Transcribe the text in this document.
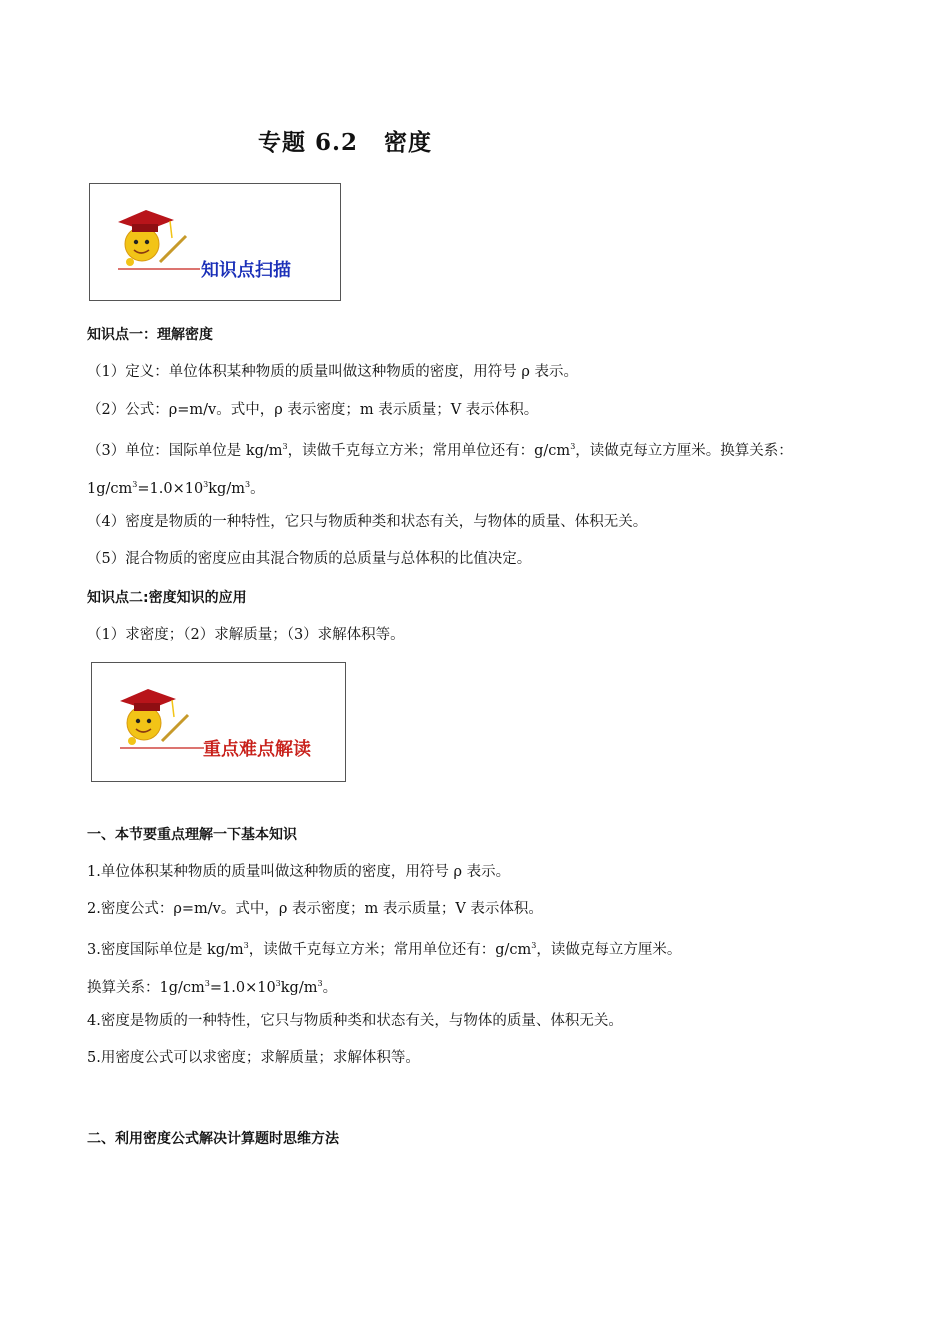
专题 6.2 密度
知识点扫描
知识点一：理解密度
（1）定义：单位体积某种物质的质量叫做这种物质的密度，用符号 ρ 表示。
（2）公式：ρ=m/v。式中，ρ 表示密度；m 表示质量；V 表示体积。
（3）单位：国际单位是 $kg/m^3$，读做千克每立方米；常用单位还有：$g/cm^3$，读做克每立方厘米。换算关系：
$1g/cm^3=1.0\times 10^3kg/m^3$。
（4）密度是物质的一种特性，它只与物质种类和状态有关，与物体的质量、体积无关。
（5）混合物质的密度应由其混合物质的总质量与总体积的比值决定。
知识点二:密度知识的应用
（1）求密度；（2）求解质量；（3）求解体积等。
重点难点解读
一、本节要重点理解一下基本知识
1.单位体积某种物质的质量叫做这种物质的密度，用符号 ρ 表示。
2.密度公式：ρ=m/v。式中，ρ 表示密度；m 表示质量；V 表示体积。
3.密度国际单位是 $kg/m^3$，读做千克每立方米；常用单位还有：$g/cm^3$，读做克每立方厘米。
换算关系：$1g/cm^3=1.0\times 10^3kg/m^3$。
4.密度是物质的一种特性，它只与物质种类和状态有关，与物体的质量、体积无关。
5.用密度公式可以求密度；求解质量；求解体积等。
二、利用密度公式解决计算题时思维方法
